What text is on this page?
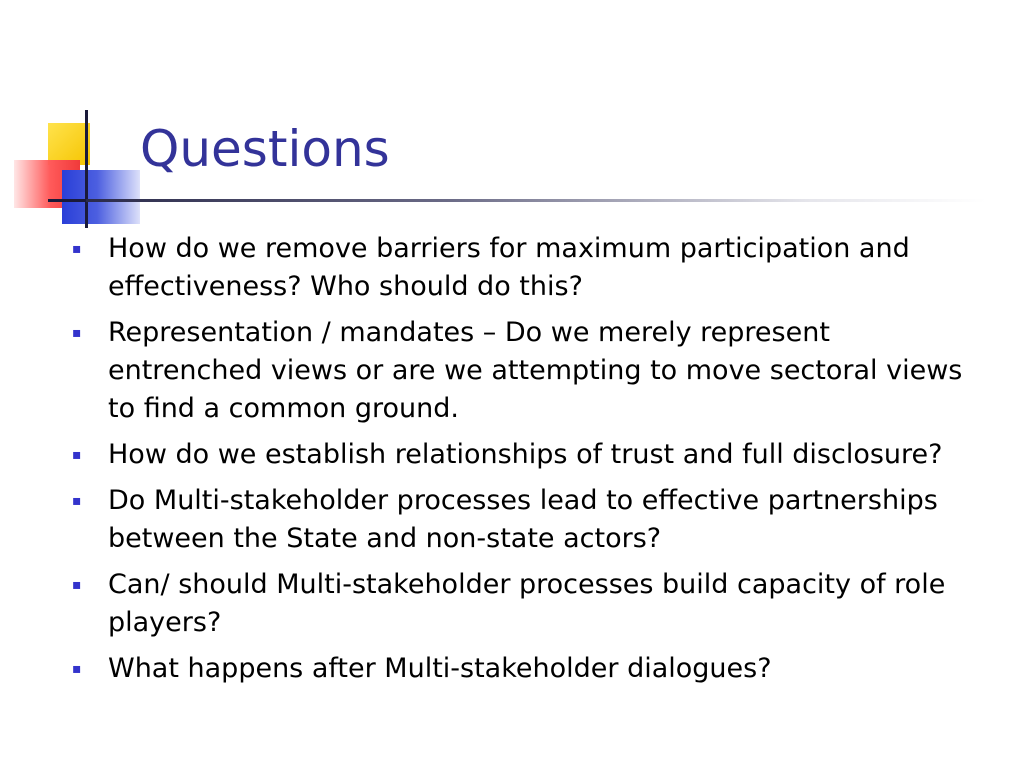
Questions
▪ How do we remove barriers for maximum participation and effectiveness? Who should do this?
▪ Representation / mandates – Do we merely represent entrenched views or are we attempting to move sectoral views to find a common ground.
▪ How do we establish relationships of trust and full disclosure?
▪ Do Multi-stakeholder processes lead to effective partnerships between the State and non-state actors?
▪ Can/ should Multi-stakeholder processes build capacity of role players?
▪ What happens after Multi-stakeholder dialogues?
